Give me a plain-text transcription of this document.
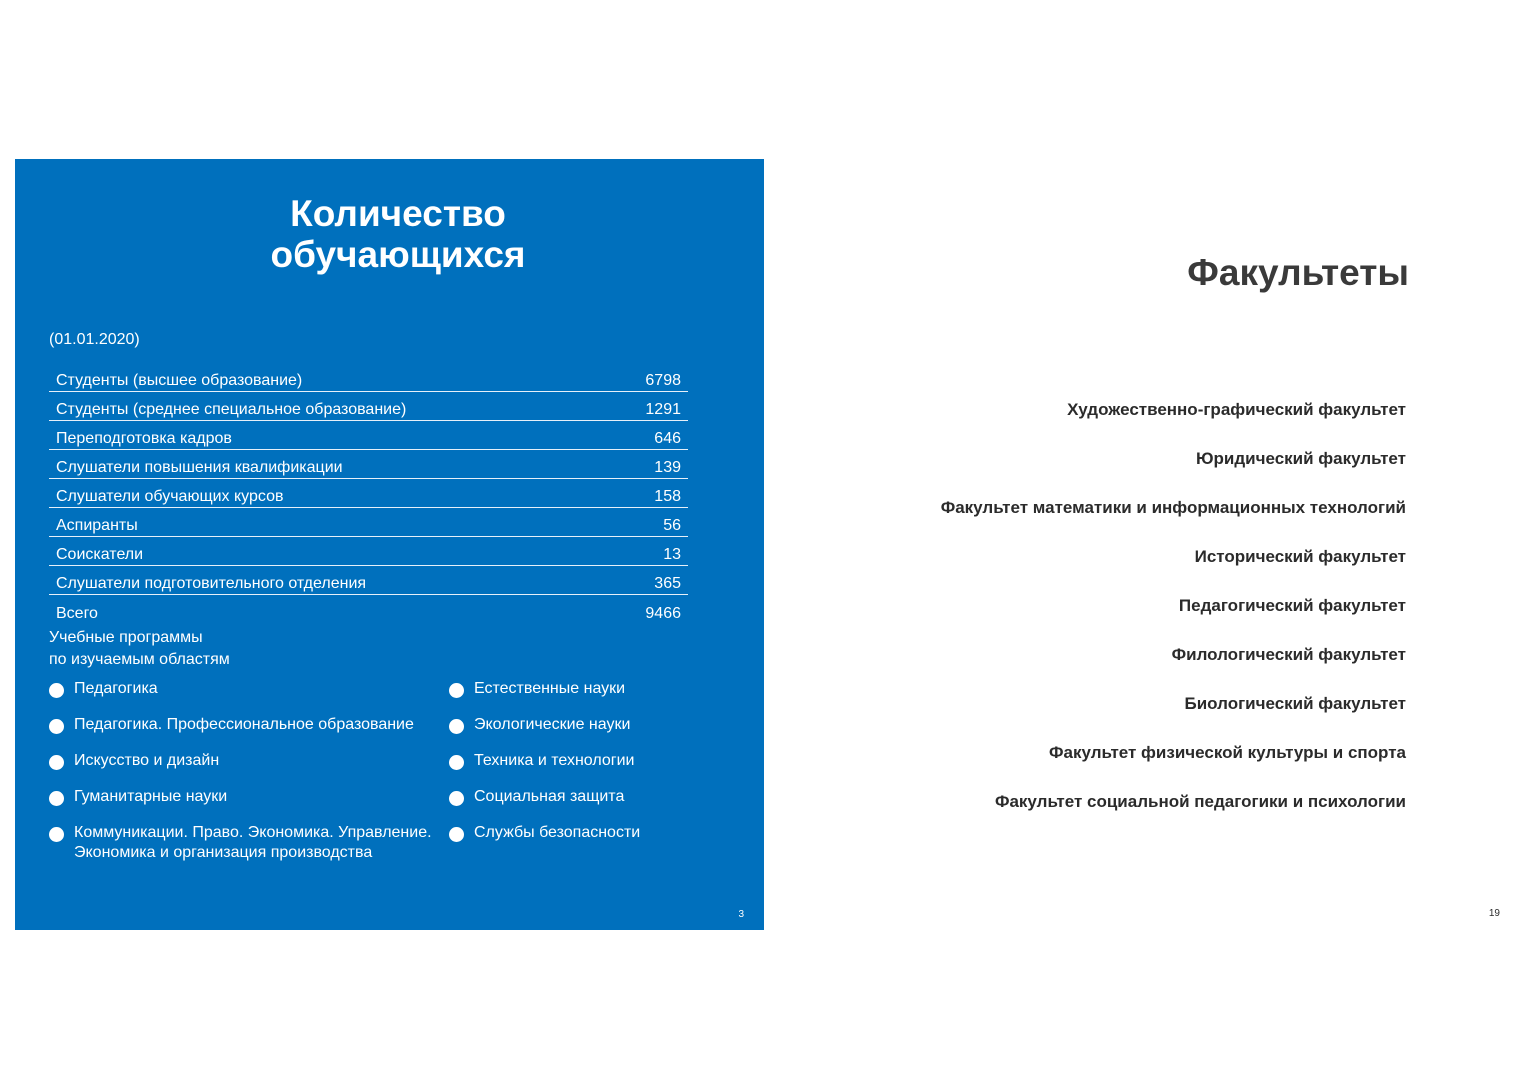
Количество
обучающихся
(01.01.2020)
Студенты (высшее образование)	6798
Студенты (среднее специальное образование)	1291
Переподготовка кадров	646
Слушатели повышения квалификации	139
Слушатели обучающих курсов	158
Аспиранты	56
Соискатели	13
Слушатели подготовительного отделения	365
Всего	9466
Учебные программы
по изучаемым областям
Педагогика
Педагогика. Профессиональное образование
Искусство и дизайн
Гуманитарные науки
Коммуникации. Право. Экономика. Управление. Экономика и организация производства
Естественные науки
Экологические науки
Техника и технологии
Социальная защита
Службы безопасности
3
Факультеты
Художественно-графический факультет
Юридический факультет
Факультет математики и информационных технологий
Исторический факультет
Педагогический факультет
Филологический факультет
Биологический факультет
Факультет физической культуры и спорта
Факультет социальной педагогики и психологии
19
